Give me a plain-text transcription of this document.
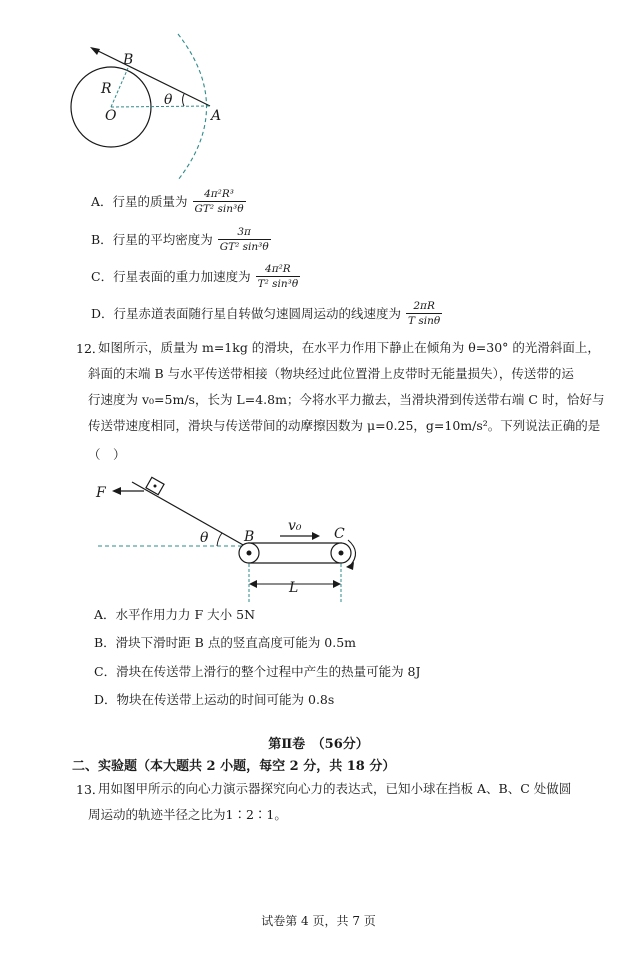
B
R
O
θ
A
A．行星的质量为 $\frac{\text{4π²R³}}{\text{GT² sin³θ}}$
B．行星的平均密度为 $\frac{3\pi}{\text{GT² sin³θ}}$
C．行星表面的重力加速度为 $\frac{\text{4π²R}}{\text{T² sin³θ}}$
D．行星赤道表面随行星自转做匀速圆周运动的线速度为 $\frac{2\pi R}{\text{T sinθ}}$
12．
如图所示，质量为 m=1kg 的滑块，在水平力作用下静止在倾角为 θ=30° 的光滑斜面上，
斜面的末端 B 与水平传送带相接（物块经过此位置滑上皮带时无能量损失），传送带的运
行速度为 v₀=5m/s，长为 L=4.8m；今将水平力撤去，当滑块滑到传送带右端 C 时，恰好与
传送带速度相同，滑块与传送带间的动摩擦因数为 μ=0.25，g=10m/s²。下列说法正确的是
（　）
F
θ	B
v₀ C
L
A．水平作用力力 F 大小 5N
B．滑块下滑时距 B 点的竖直高度可能为 0.5m
C．滑块在传送带上滑行的整个过程中产生的热量可能为 8J
D．物块在传送带上运动的时间可能为 0.8s
第Ⅱ卷　（56分）
二、实验题（本大题共 2 小题，每空 2 分，共 18 分）
13．
用如图甲所示的向心力演示器探究向心力的表达式，已知小球在挡板 A、B、C 处做圆
周运动的轨迹半径之比为1∶2∶1。
试卷第 4 页，共 7 页
